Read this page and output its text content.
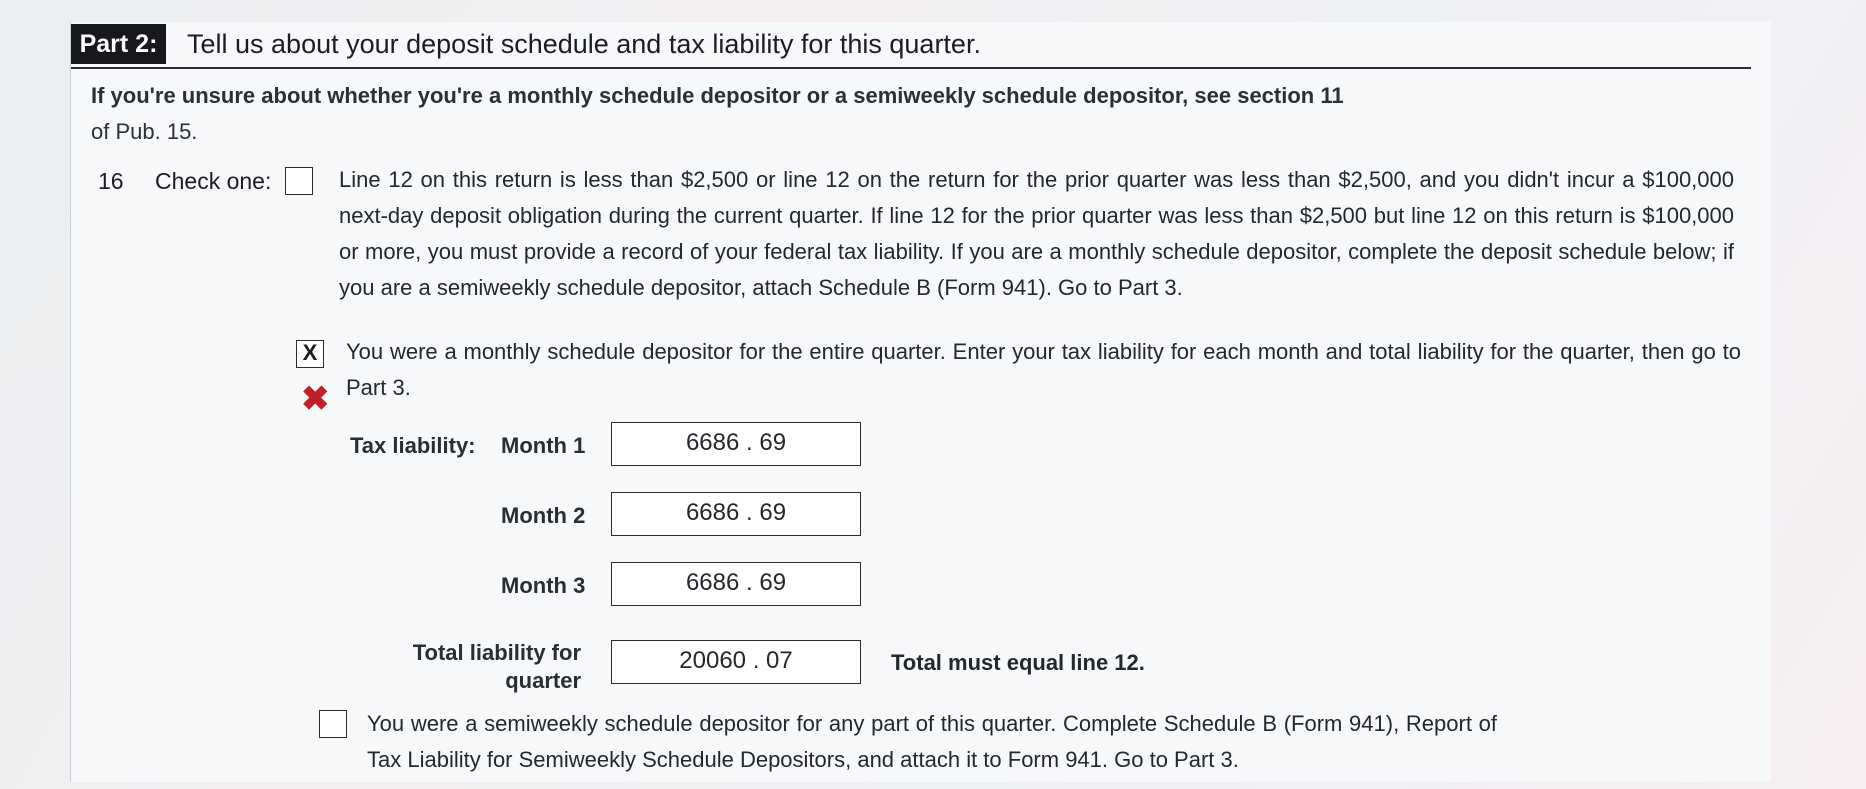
Part 2:	Tell us about your deposit schedule and tax liability for this quarter.
If you're unsure about whether you're a monthly schedule depositor or a semiweekly schedule depositor, see section 11
of Pub. 15.
16 Check one:	Line 12 on this return is less than $2,500 or line 12 on the return for the prior quarter was less than $2,500, and you didn't incur a $100,000 next-day deposit obligation during the current quarter. If line 12 for the prior quarter was less than $2,500 but line 12 on this return is $100,000 or more, you must provide a record of your federal tax liability. If you are a monthly schedule depositor, complete the deposit schedule below; if you are a semiweekly schedule depositor, attach Schedule B (Form 941). Go to Part 3.
X
✖
You were a monthly schedule depositor for the entire quarter. Enter your tax liability for each month and total liability for the quarter, then go to Part 3.
Tax liability: Month 1	6686 . 69
Month 2	6686 . 69
Month 3	6686 . 69
Total liability for
quarter
20060 . 07	Total must equal line 12.
You were a semiweekly schedule depositor for any part of this quarter. Complete Schedule B (Form 941), Report of Tax Liability for Semiweekly Schedule Depositors, and attach it to Form 941. Go to Part 3.
